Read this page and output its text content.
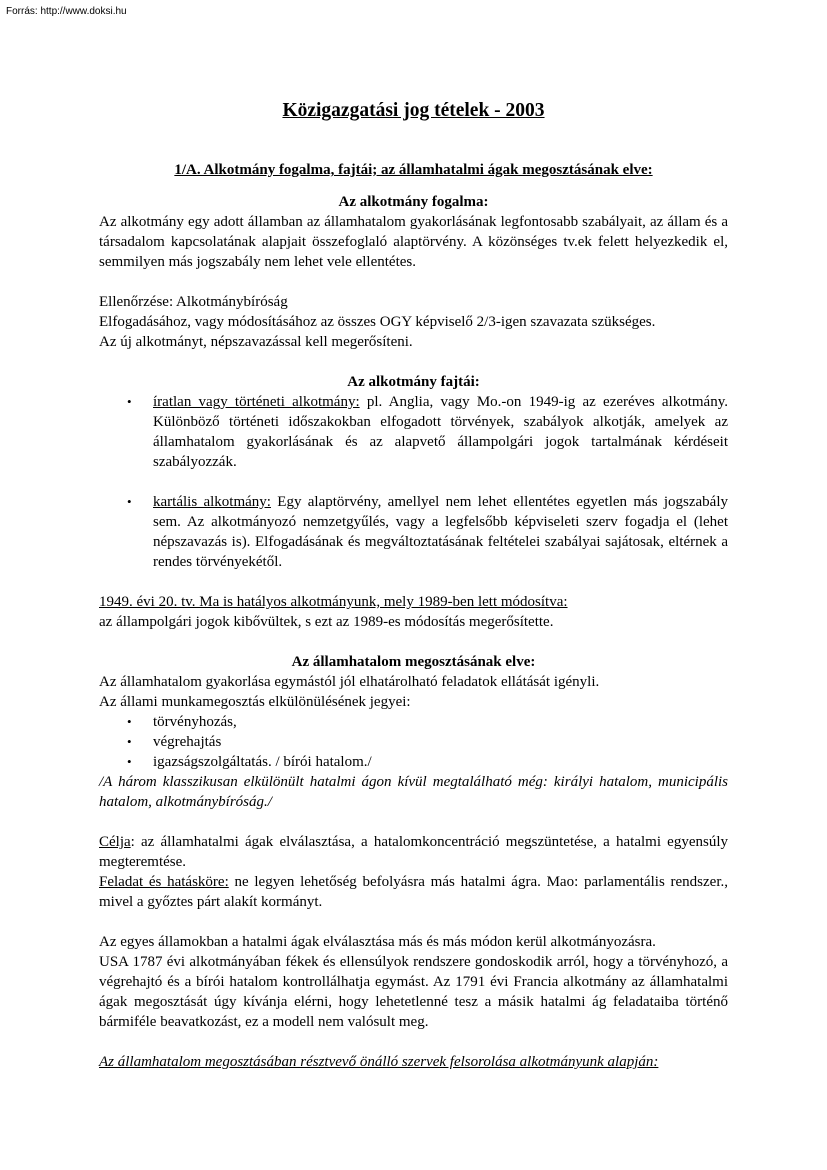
Forrás: http://www.doksi.hu
Közigazgatási jog tételek - 2003
1/A. Alkotmány fogalma, fajtái; az államhatalmi ágak megosztásának elve:
Az alkotmány fogalma:

Az alkotmány egy adott államban az államhatalom gyakorlásának legfontosabb szabályait, az állam és a társadalom kapcsolatának alapjait összefoglaló alaptörvény. A közönséges tv.ek felett helyezkedik el, semmilyen más jogszabály nem lehet vele ellentétes.

Ellenőrzése: Alkotmánybíróság

Elfogadásához, vagy módosításához az összes OGY képviselő 2/3-igen szavazata szükséges.

Az új alkotmányt, népszavazással kell megerősíteni.

Az alkotmány fajtái:
•	íratlan vagy történeti alkotmány: pl. Anglia, vagy Mo.-on 1949-ig az ezeréves alkotmány. Különböző történeti időszakokban elfogadott törvények, szabályok alkotják, amelyek az államhatalom gyakorlásának és az alapvető állampolgári jogok tartalmának kérdéseit szabályozzák.
•	kartális alkotmány: Egy alaptörvény, amellyel nem lehet ellentétes egyetlen más jogszabály sem. Az alkotmányozó nemzetgyűlés, vagy a legfelsőbb képviseleti szerv fogadja el (lehet népszavazás is). Elfogadásának és megváltoztatásának feltételei szabályai sajátosak, eltérnek a rendes törvényekétől.

1949. évi 20. tv. Ma is hatályos alkotmányunk, mely 1989-ben lett módosítva:

az állampolgári jogok kibővültek, s ezt az 1989-es módosítás megerősítette.

Az államhatalom megosztásának elve:

Az államhatalom gyakorlása egymástól jól elhatárolható feladatok ellátását igényli.

Az állami munkamegosztás elkülönülésének jegyei:

•	törvényhozás,
•	végrehajtás
•	igazságszolgáltatás. / bírói hatalom./

/A három klasszikusan elkülönült hatalmi ágon kívül megtalálható még: királyi hatalom, municipális hatalom, alkotmánybíróság./

Célja: az államhatalmi ágak elválasztása, a hatalomkoncentráció megszüntetése, a hatalmi egyensúly megteremtése.

Feladat és hatásköre: ne legyen lehetőség befolyásra más hatalmi ágra. Mao: parlamentális rendszer., mivel a győztes párt alakít kormányt.

Az egyes államokban a hatalmi ágak elválasztása más és más módon kerül alkotmányozásra.

USA 1787 évi alkotmányában fékek és ellensúlyok rendszere gondoskodik arról, hogy a törvényhozó, a végrehajtó és a bírói hatalom kontrollálhatja egymást. Az 1791 évi Francia alkotmány az államhatalmi ágak megosztását úgy kívánja elérni, hogy lehetetlenné tesz a másik hatalmi ág feladataiba történő bármiféle beavatkozást, ez a modell nem valósult meg.

Az államhatalom megosztásában résztvevő önálló szervek felsorolása alkotmányunk alapján:
